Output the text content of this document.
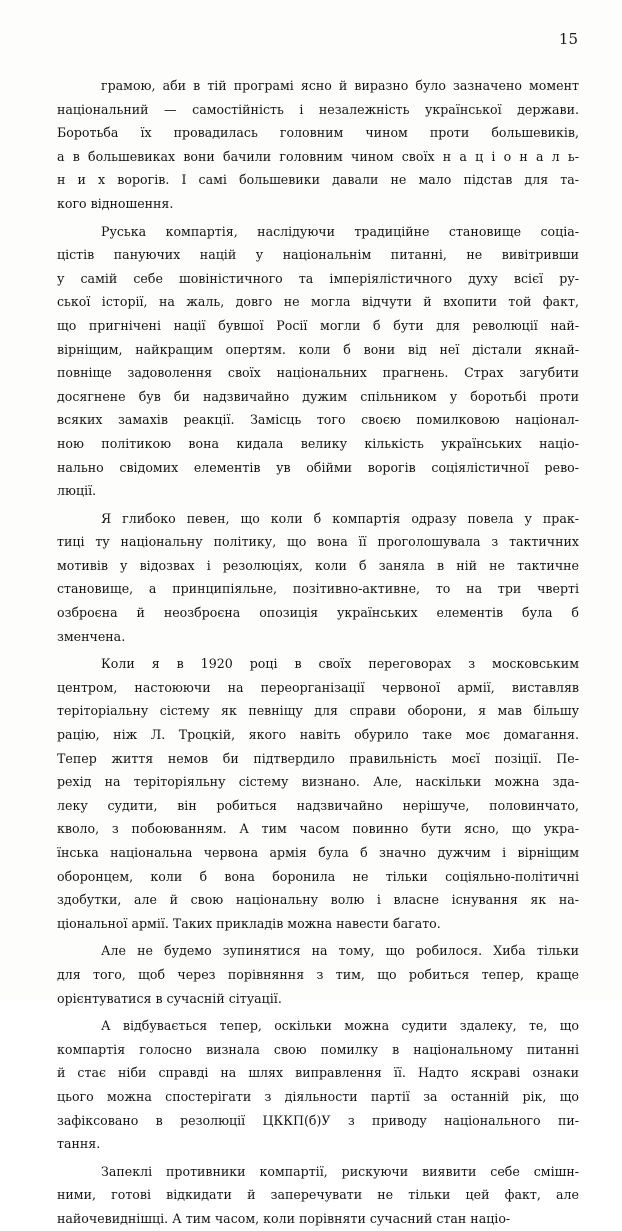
15
грамою, аби в тій програмі ясно й виразно було зазначено момент
національний — самостійність і незалежність української держави.
Боротьба їх провадилась головним чином проти большевиків,
а в большевиках вони бачили головним чином своїх н а ц і о н а л ь-
н и х ворогів. І самі большевики давали не мало підстав для та-
кого відношення.
Руська компартія, наслідуючи традиційне становище соціа-
цістів пануючих націй у національнім питанні, не вивітривши
у самій себе шовіністичного та імперіялістичного духу всієї ру-
ської історії, на жаль, довго не могла відчути й вхопити той факт,
що пригнічені нації бувшої Росії могли б бути для революції най-
вірніщим, найкращим опертям. коли б вони від неї дістали якнай-
повніще задоволення своїх національних прагнень. Страх загубити
досягнене був би надзвичайно дужим спільником у боротьбі проти
всяких замахів реакції. Замісць того своєю помилковою націонал-
ною політикою вона кидала велику кількість українських націо-
нально свідомих елементів ув обійми ворогів соціялістичної рево-
люції.
Я глибоко певен, що коли б компартія одразу повела у прак-
тиці ту національну політику, що вона її проголошувала з тактичних
мотивів у відозвах і резолюціях, коли б заняла в ній не тактичне
становище, а принципіяльне, позітивно-активне, то на три чверті
озброєна й неозброєна опозиція українських елементів була б
зменчена.
Коли я в 1920 році в своїх переговорах з московським
центром, настоюючи на переорганізації червоної армії, виставляв
теріторіальну сістему як певніщу для справи оборони, я мав більшу
рацію, ніж Л. Троцкій, якого навіть обурило таке моє домагання.
Тепер життя немов би підтвердило правильність моєї позіції. Пе-
рехід на теріторіяльну сістему визнано. Але, наскільки можна зда-
леку судити, він робиться надзвичайно нерішуче, половинчато,
кволо, з побоюванням. А тим часом повинно бути ясно, що укра-
їнська національна червона армія була б значно дужчим і вірніщим
оборонцем, коли б вона боронила не тільки соціяльно-політичні
здобутки, але й свою національну волю і власне існування як на-
ціональної армії. Таких прикладів можна навести багато.
Але не будемо зупинятися на тому, що робилося. Хиба тільки
для того, щоб через порівняння з тим, що робиться тепер, краще
орієнтуватися в сучасній сітуації.
А відбувається тепер, оскільки можна судити здалеку, те, що
компартія голосно визнала свою помилку в національному питанні
й стає ніби справді на шлях виправлення її. Надто яскраві ознаки
цього можна спостерігати з діяльности партії за останній рік, що
зафіксовано в резолюції ЦККП(б)У з приводу національного пи-
тання.
Запеклі противники компартії, рискуючи виявити себе смішн-
ними, готові відкидати й заперечувати не тільки цей факт, але
найочевиднішці. А тим часом, коли порівняти сучасний стан націо-
